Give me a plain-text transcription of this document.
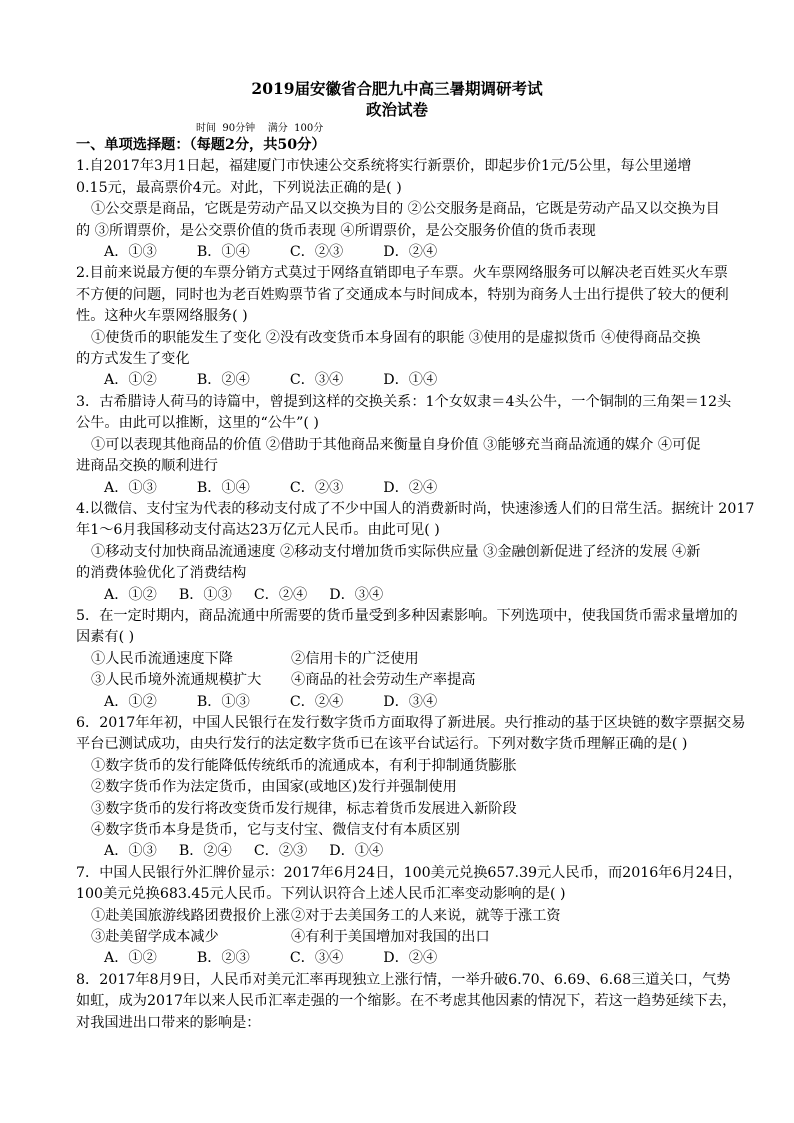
2019届安徽省合肥九中高三暑期调研考试
政治试卷
时间  90分钟    满分  100分
一、单项选择题：（每题2分，共50分）
1.自2017年3月1日起，福建厦门市快速公交系统将实行新票价，即起步价1元/5公里，每公里递增
0.15元，最高票价4元。对此，下列说法正确的是( )
①公交票是商品，它既是劳动产品又以交换为目的 ②公交服务是商品，它既是劳动产品又以交换为目
的 ③所谓票价，是公交票价值的货币表现 ④所谓票价，是公交服务价值的货币表现
A．①③	B．①④	C．②③	D．②④
2.目前来说最方便的车票分销方式莫过于网络直销即电子车票。火车票网络服务可以解决老百姓买火车票
不方便的问题，同时也为老百姓购票节省了交通成本与时间成本，特别为商务人士出行提供了较大的便利
性。这种火车票网络服务( )
①使货币的职能发生了变化 ②没有改变货币本身固有的职能 ③使用的是虚拟货币 ④使得商品交换
的方式发生了变化
A．①②	B．②④	C．③④	D．①④
3．古希腊诗人荷马的诗篇中，曾提到这样的交换关系：1个女奴隶＝4头公牛，一个铜制的三角架＝12头
公牛。由此可以推断，这里的“公牛”( )
①可以表现其他商品的价值 ②借助于其他商品来衡量自身价值 ③能够充当商品流通的媒介 ④可促
进商品交换的顺利进行
A．①③	B．①④	C．②③	D．②④
4.以微信、支付宝为代表的移动支付成了不少中国人的消费新时尚，快速渗透人们的日常生活。据统计 2017
年1～6月我国移动支付高达23万亿元人民币。由此可见( )
①移动支付加快商品流通速度 ②移动支付增加货币实际供应量 ③金融创新促进了经济的发展 ④新
的消费体验优化了消费结构
A．①② B．①③ C．②④ D．③④
5．在一定时期内，商品流通中所需要的货币量受到多种因素影响。下列选项中，使我国货币需求量增加的
因素有( )
①人民币流通速度下降	②信用卡的广泛使用
③人民币境外流通规模扩大 ④商品的社会劳动生产率提高
A．①②	B．①③	C．②④	D．③④
6．2017年年初，中国人民银行在发行数字货币方面取得了新进展。央行推动的基于区块链的数字票据交易
平台已测试成功，由央行发行的法定数字货币已在该平台试运行。下列对数字货币理解正确的是( )
①数字货币的发行能降低传统纸币的流通成本，有利于抑制通货膨胀
②数字货币作为法定货币，由国家(或地区)发行并强制使用
③数字货币的发行将改变货币发行规律，标志着货币发展进入新阶段
④数字货币本身是货币，它与支付宝、微信支付有本质区别
A．①③ B．②④ C．②③ D．①④
7．中国人民银行外汇牌价显示：2017年6月24日，100美元兑换657.39元人民币，而2016年6月24日，
100美元兑换683.45元人民币。下列认识符合上述人民币汇率变动影响的是( )
①赴美国旅游线路团费报价上涨②对于去美国务工的人来说，就等于涨工资
③赴美留学成本减少	④有利于美国增加对我国的出口
A．①②	B．②③	C．③④	D．②④
8．2017年8月9日，人民币对美元汇率再现独立上涨行情，一举升破6.70、6.69、6.68三道关口，气势
如虹，成为2017年以来人民币汇率走强的一个缩影。在不考虑其他因素的情况下，若这一趋势延续下去，
对我国进出口带来的影响是：
